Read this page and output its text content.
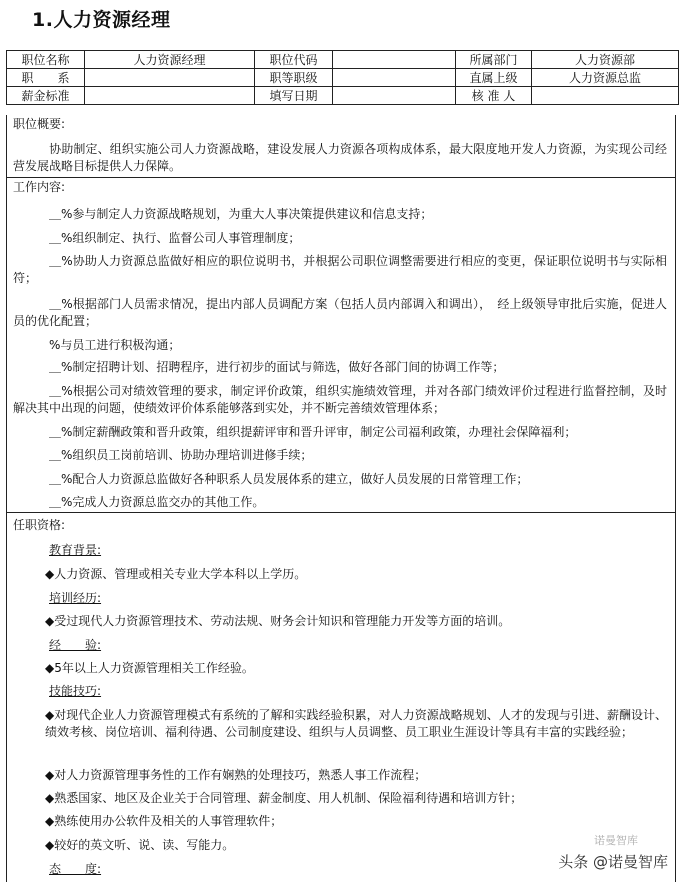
1.人力资源经理
职位名称	人力资源经理	职位代码		所属部门	人力资源部
职　　系		职等职级		直属上级	人力资源总监
薪金标准		填写日期		核 准 人	
职位概要:
协助制定、组织实施公司人力资源战略，建设发展人力资源各项构成体系，最大限度地开发人力资源，为实现公司经营发展战略目标提供人力保障。
工作内容:
＿%参与制定人力资源战略规划，为重大人事决策提供建议和信息支持；
＿%组织制定、执行、监督公司人事管理制度；
＿%协助人力资源总监做好相应的职位说明书，并根据公司职位调整需要进行相应的变更，保证职位说明书与实际相符；
＿%根据部门人员需求情况，提出内部人员调配方案（包括人员内部调入和调出），　经上级领导审批后实施，促进人员的优化配置；
%与员工进行积极沟通；
＿%制定招聘计划、招聘程序，进行初步的面试与筛选，做好各部门间的协调工作等；
＿%根据公司对绩效管理的要求，制定评价政策，组织实施绩效管理，并对各部门绩效评价过程进行监督控制，及时解决其中出现的问题，使绩效评价体系能够落到实处，并不断完善绩效管理体系；
＿%制定薪酬政策和晋升政策，组织提薪评审和晋升评审，制定公司福利政策，办理社会保障福利；
＿%组织员工岗前培训、协助办理培训进修手续；
＿%配合人力资源总监做好各种职系人员发展体系的建立，做好人员发展的日常管理工作；
＿%完成人力资源总监交办的其他工作。
任职资格:
教育背景:
◆人力资源、管理或相关专业大学本科以上学历。
培训经历:
◆受过现代人力资源管理技术、劳动法规、财务会计知识和管理能力开发等方面的培训。
经　　验:
◆5年以上人力资源管理相关工作经验。
技能技巧:
◆对现代企业人力资源管理模式有系统的了解和实践经验积累，对人力资源战略规划、人才的发现与引进、薪酬设计、绩效考核、岗位培训、福利待遇、公司制度建设、组织与人员调整、员工职业生涯设计等具有丰富的实践经验；
◆对人力资源管理事务性的工作有娴熟的处理技巧，熟悉人事工作流程；
◆熟悉国家、地区及企业关于合同管理、薪金制度、用人机制、保险福利待遇和培训方针；
◆熟练使用办公软件及相关的人事管理软件；
◆较好的英文听、说、读、写能力。
态　　度:
诺曼智库
头条 @诺曼智库
